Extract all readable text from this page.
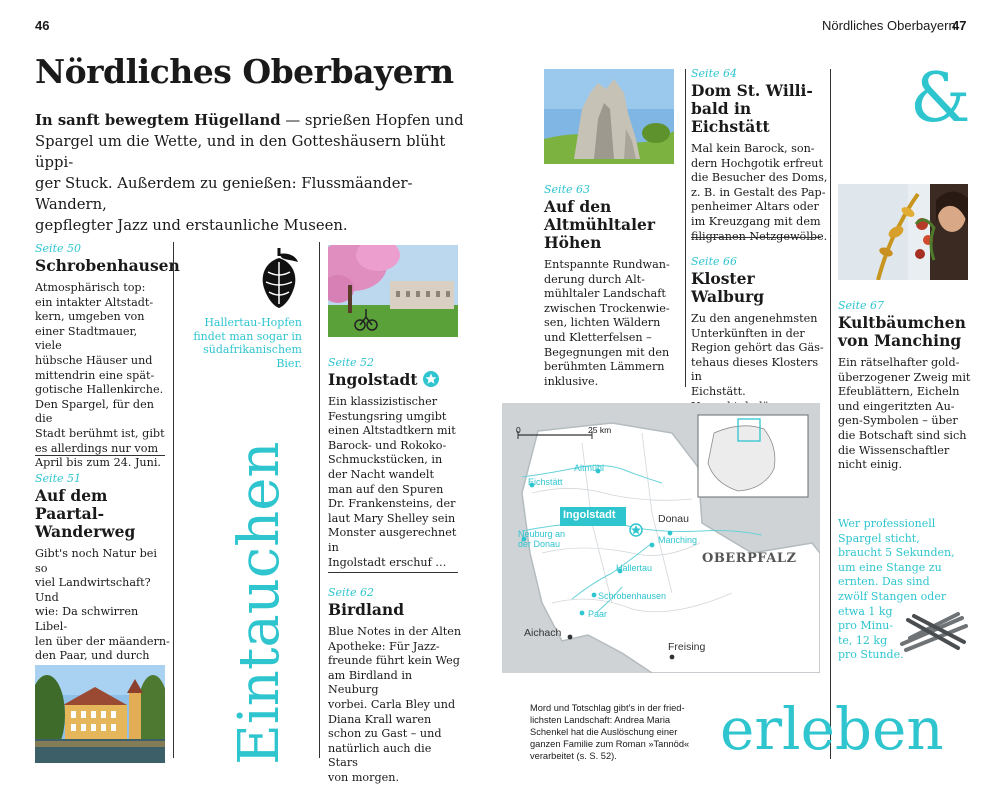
46	Nördliches Oberbayern
47
Nördliches Oberbayern
In sanft bewegtem Hügelland — sprießen Hopfen und
Spargel um die Wette, und in den Gotteshäusern blüht üppi-
ger Stuck. Außerdem zu genießen: Flussmäander-Wandern,
gepflegter Jazz und erstaunliche Museen.
Seite 50
Schrobenhausen

Atmosphärisch top:
ein intakter Altstadt-
kern, umgeben von
einer Stadtmauer, viele
hübsche Häuser und
mittendrin eine spät-
gotische Hallenkirche.
Den Spargel, für den die
Stadt berühmt ist, gibt
es allerdings nur vom
April bis zum 24. Juni.

Seite 51
Auf dem Paartal-
Wanderweg

Gibt's noch Natur bei so
viel Landwirtschaft? Und
wie: Da schwirren Libel-
len über der mäandern-
den Paar, und durch

Hallertau-Hopfen
findet man sogar in
südafrikanischem Bier.
Eintauchen
Seite 52
Ingolstadt

Ein klassizistischer
Festungsring umgibt
einen Altstadtkern mit
Barock- und Rokoko-
Schmuckstücken, in
der Nacht wandelt
man auf den Spuren
Dr. Frankensteins, der
laut Mary Shelley sein
Monster ausgerechnet in
Ingolstadt erschuf …

Seite 62
Birdland

Blue Notes in der Alten
Apotheke: Für Jazz-
freunde führt kein Weg
am Birdland in Neuburg
vorbei. Carla Bley und
Diana Krall waren
schon zu Gast – und
natürlich auch die Stars
von morgen.

Seite 63
Auf den
Altmühltaler
Höhen

Entspannte Rundwan-
derung durch Alt-
mühltaler Landschaft
zwischen Trockenwie-
sen, lichten Wäldern
und Kletterfelsen –
Begegnungen mit den
berühmten Lämmern
inklusive.

Seite 64
Dom St. Willi-
bald in Eichstätt

Mal kein Barock, son-
dern Hochgotik erfreut
die Besucher des Doms,
z. B. in Gestalt des Pap-
penheimer Altars oder
im Kreuzgang mit dem
filigranen Netzgewölbe.

Seite 66
Kloster Walburg

Zu den angenehmsten
Unterkünften in der
Region gehört das Gäs-
tehaus dieses Klosters in
Eichstätt.

&
Seite 67
Kultbäumchen
von Manching

Ein rätselhafter gold-
überzogener Zweig mit
Efeublättern, Eicheln
und eingeritzten Au-
gen-Symbolen – über
die Botschaft sind sich
die Wissenschaftler
nicht einig.

Wer professionell
Spargel sticht,
braucht 5 Sekunden,
um eine Stange zu
ernten. Das sind
zwölf Stangen oder
etwa 1 kg
pro Minu-
te, 12 kg
pro Stunde.
0	25 km
Altmühl
Eichstätt
Ingolstadt	Donau
Neuburg an
der Donau	Manching
Hallertau
OBERPFALZ
Schrobenhausen
Paar
Aichach
Freising
Mord und Totschlag gibt's in der fried-
lichsten Landschaft: Andrea Maria
Schenkel hat die Auslöschung einer
ganzen Familie zum Roman »Tannöd«
verarbeitet (s. S. 52).	erleben
